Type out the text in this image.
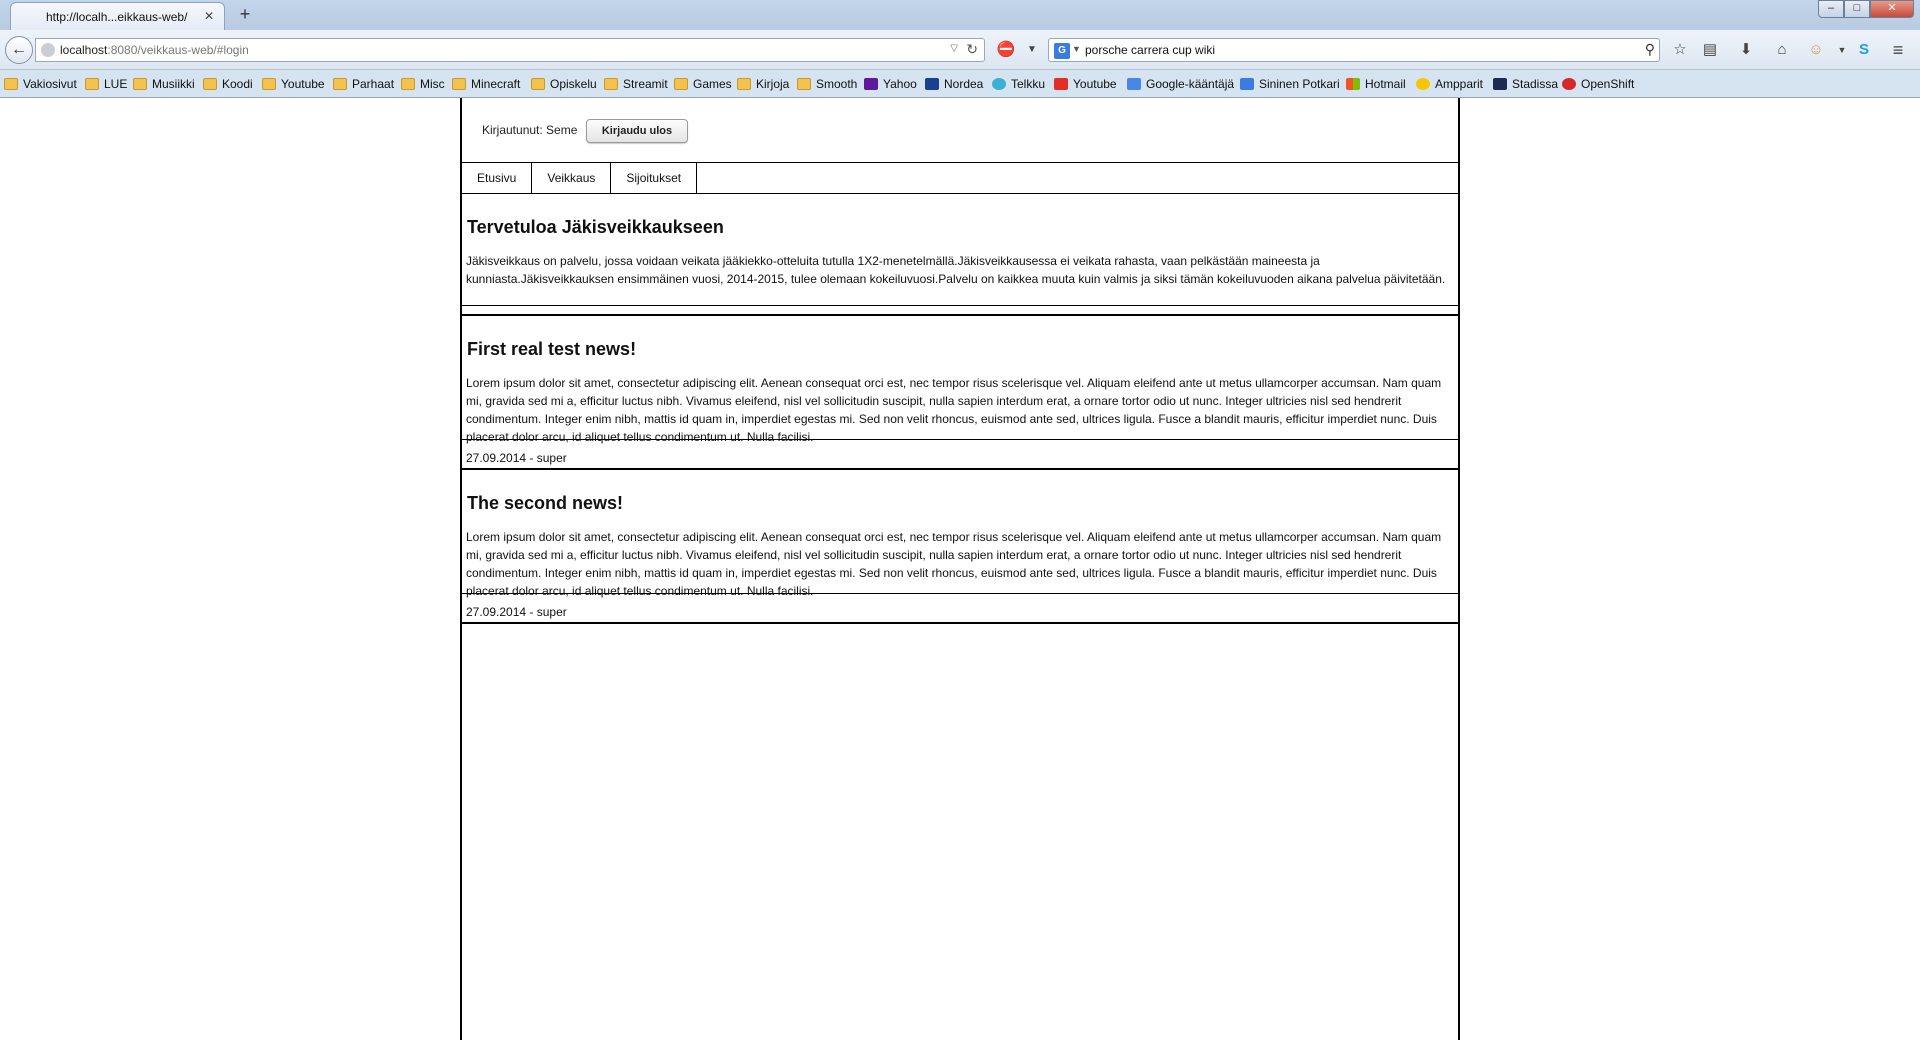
http://localh...eikkaus-web/ ✕	+	–	□	✕
←	localhost:8080/veikkaus-web/#login	▽ ↻ ⛔	▼	G ▼ porsche carrera cup wiki	⚲	☆	▤	⬇	⌂	☺	▼ S	≡
Vakiosivut LUE Musiikki Koodi Youtube Parhaat Misc Minecraft Opiskelu Streamit Games Kirjoja Smooth Yahoo Nordea Telkku Youtube Google-kääntäjä Sininen Potkari Hotmail Ampparit Stadissa OpenShift
Kirjautunut: Seme	Kirjaudu ulos
Etusivu	Veikkaus	Sijoitukset
Tervetuloa Jäkisveikkaukseen

Jäkisveikkaus on palvelu, jossa voidaan veikata jääkiekko-otteluita tutulla 1X2-menetelmällä.Jäkisveikkausessa ei veikata rahasta, vaan pelkästään maineesta ja kunniasta.Jäkisveikkauksen ensimmäinen vuosi, 2014-2015, tulee olemaan kokeiluvuosi.Palvelu on kaikkea muuta kuin valmis ja siksi tämän kokeiluvuoden aikana palvelua päivitetään.

First real test news!

Lorem ipsum dolor sit amet, consectetur adipiscing elit. Aenean consequat orci est, nec tempor risus scelerisque vel. Aliquam eleifend ante ut metus ullamcorper accumsan. Nam quam mi, gravida sed mi a, efficitur luctus nibh. Vivamus eleifend, nisl vel sollicitudin suscipit, nulla sapien interdum erat, a ornare tortor odio ut nunc. Integer ultricies nisl sed hendrerit condimentum. Integer enim nibh, mattis id quam in, imperdiet egestas mi. Sed non velit rhoncus, euismod ante sed, ultrices ligula. Fusce a blandit mauris, efficitur imperdiet nunc. Duis placerat dolor arcu, id aliquet tellus condimentum ut. Nulla facilisi.

27.09.2014 - super
The second news!

Lorem ipsum dolor sit amet, consectetur adipiscing elit. Aenean consequat orci est, nec tempor risus scelerisque vel. Aliquam eleifend ante ut metus ullamcorper accumsan. Nam quam mi, gravida sed mi a, efficitur luctus nibh. Vivamus eleifend, nisl vel sollicitudin suscipit, nulla sapien interdum erat, a ornare tortor odio ut nunc. Integer ultricies nisl sed hendrerit condimentum. Integer enim nibh, mattis id quam in, imperdiet egestas mi. Sed non velit rhoncus, euismod ante sed, ultrices ligula. Fusce a blandit mauris, efficitur imperdiet nunc. Duis placerat dolor arcu, id aliquet tellus condimentum ut. Nulla facilisi.

27.09.2014 - super
